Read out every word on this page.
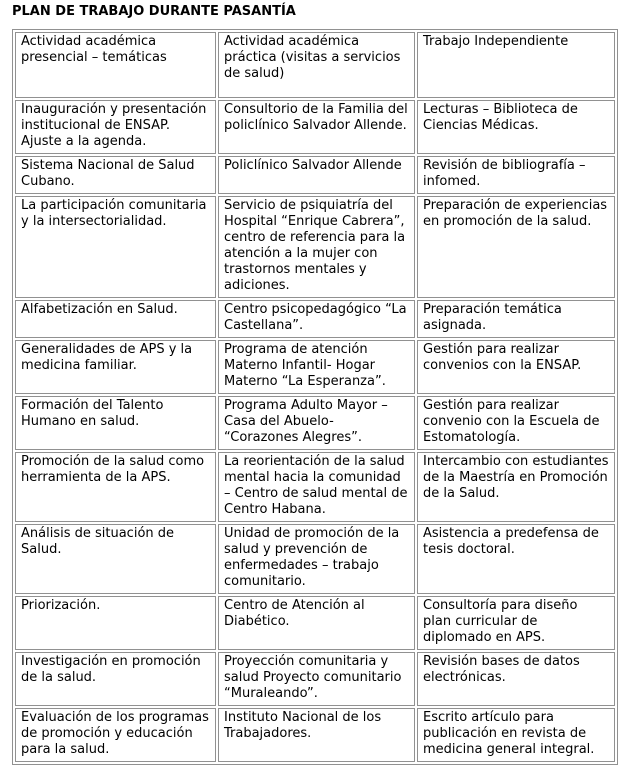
PLAN DE TRABAJO DURANTE PASANTÍA
Actividad académica presencial – temáticas	Actividad académica práctica (visitas a servicios de salud)	Trabajo Independiente
Inauguración y presentación institucional de ENSAP. Ajuste a la agenda.	Consultorio de la Familia del policlínico Salvador Allende.	Lecturas – Biblioteca de Ciencias Médicas.
Sistema Nacional de Salud Cubano.	Policlínico Salvador Allende	Revisión de bibliografía – infomed.
La participación comunitaria y la intersectorialidad.	Servicio de psiquiatría del Hospital “Enrique Cabrera”, centro de referencia para la atención a la mujer con trastornos mentales y adiciones.	Preparación de experiencias en promoción de la salud.
Alfabetización en Salud.	Centro psicopedagógico “La Castellana”.	Preparación temática asignada.
Generalidades de APS y la medicina familiar.	Programa de atención Materno Infantil- Hogar Materno “La Esperanza”.	Gestión para realizar convenios con la ENSAP.
Formación del Talento Humano en salud.	Programa Adulto Mayor – Casa del Abuelo- “Corazones Alegres”.	Gestión para realizar convenio con la Escuela de Estomatología.
Promoción de la salud como herramienta de la APS.	La reorientación de la salud mental hacia la comunidad – Centro de salud mental de Centro Habana.	Intercambio con estudiantes de la Maestría en Promoción de la Salud.
Análisis de situación de Salud.	Unidad de promoción de la salud y prevención de enfermedades – trabajo comunitario.	Asistencia a predefensa de tesis doctoral.
Priorización.	Centro de Atención al Diabético.	Consultoría para diseño plan curricular de diplomado en APS.
Investigación en promoción de la salud.	Proyección comunitaria y salud Proyecto comunitario “Muraleando”.	Revisión bases de datos electrónicas.
Evaluación de los programas de promoción y educación para la salud.	Instituto Nacional de los Trabajadores.	Escrito artículo para publicación en revista de medicina general integral.
